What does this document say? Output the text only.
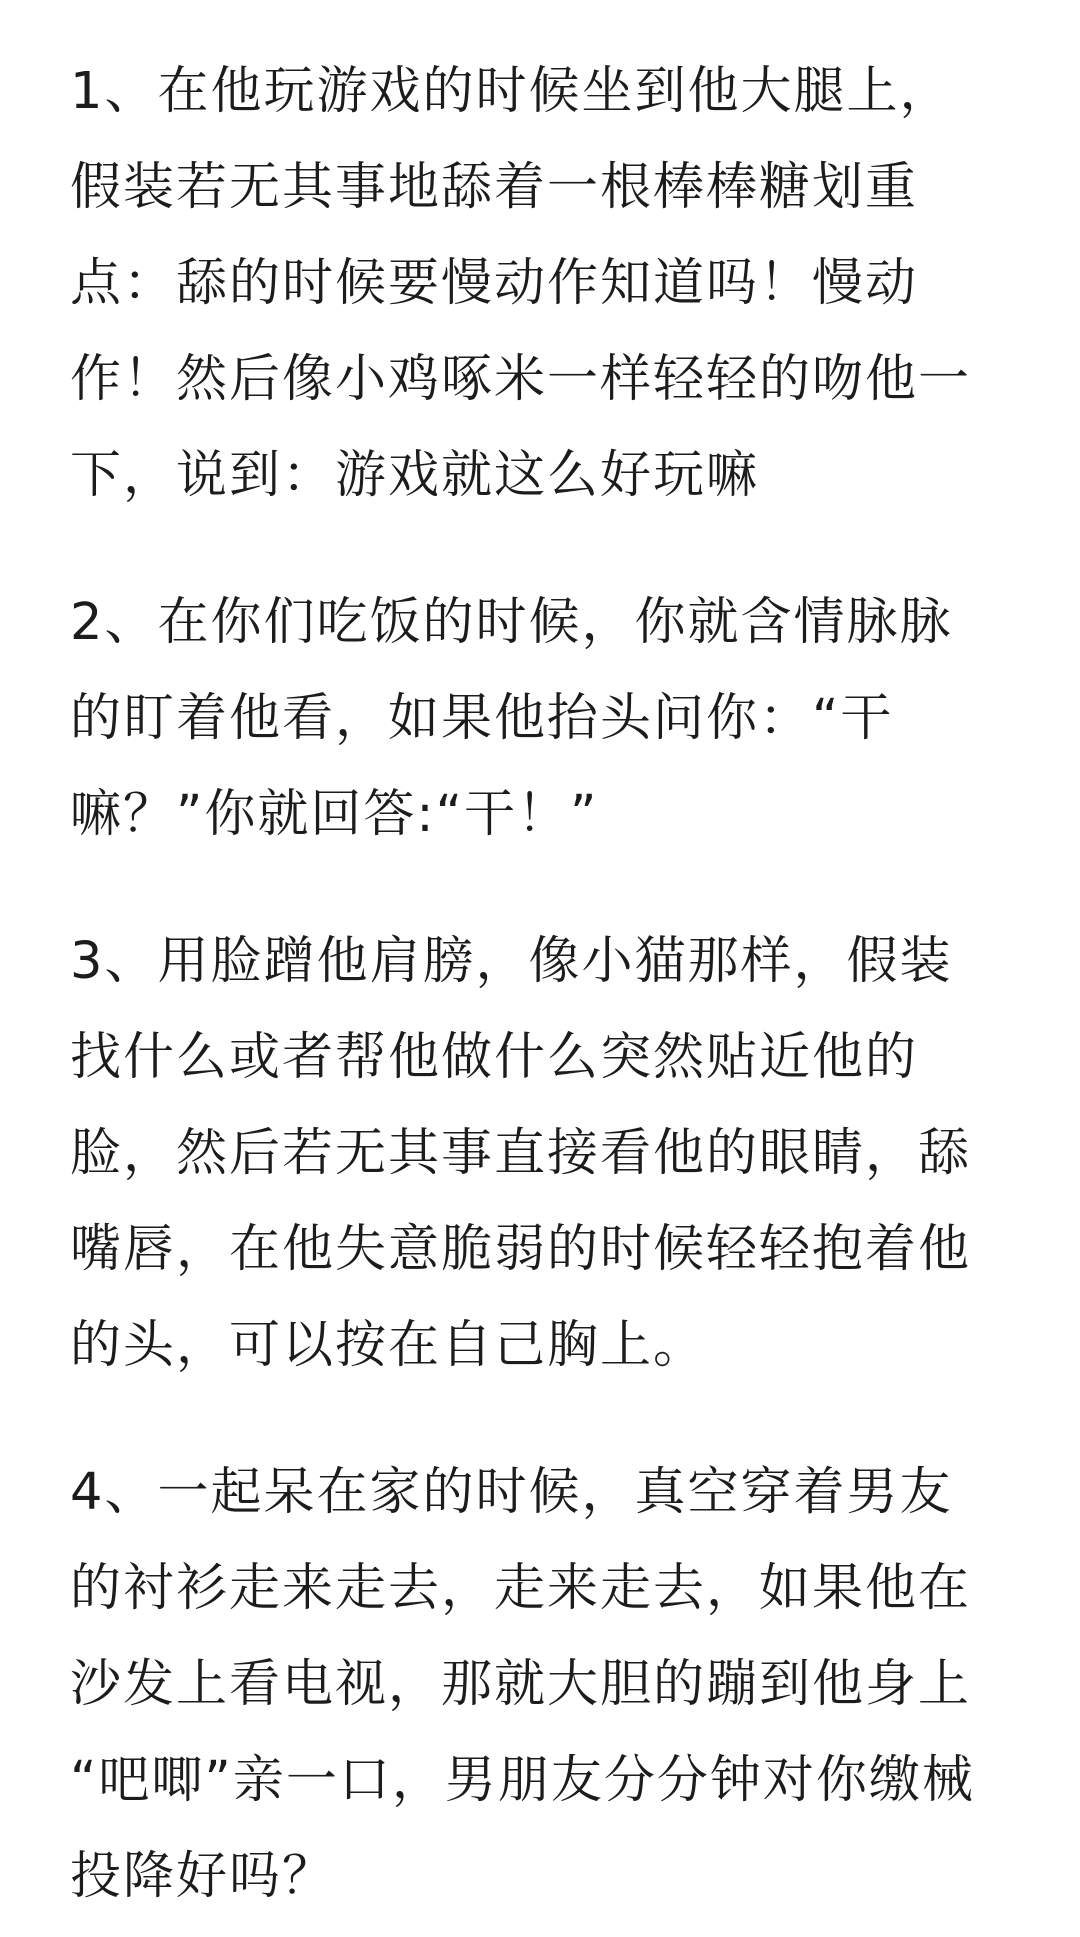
1、在他玩游戏的时候坐到他大腿上，
假装若无其事地舔着一根棒棒糖划重
点：舔的时候要慢动作知道吗！慢动
作！然后像小鸡啄米一样轻轻的吻他一
下，说到：游戏就这么好玩嘛

2、在你们吃饭的时候，你就含情脉脉
的盯着他看，如果他抬头问你：“干
嘛？”你就回答:“干！”

3、用脸蹭他肩膀，像小猫那样，假装
找什么或者帮他做什么突然贴近他的
脸，然后若无其事直接看他的眼睛，舔
嘴唇，在他失意脆弱的时候轻轻抱着他
的头，可以按在自己胸上。

4、一起呆在家的时候，真空穿着男友
的衬衫走来走去，走来走去，如果他在
沙发上看电视，那就大胆的蹦到他身上
“吧唧”亲一口，男朋友分分钟对你缴械
投降好吗？
